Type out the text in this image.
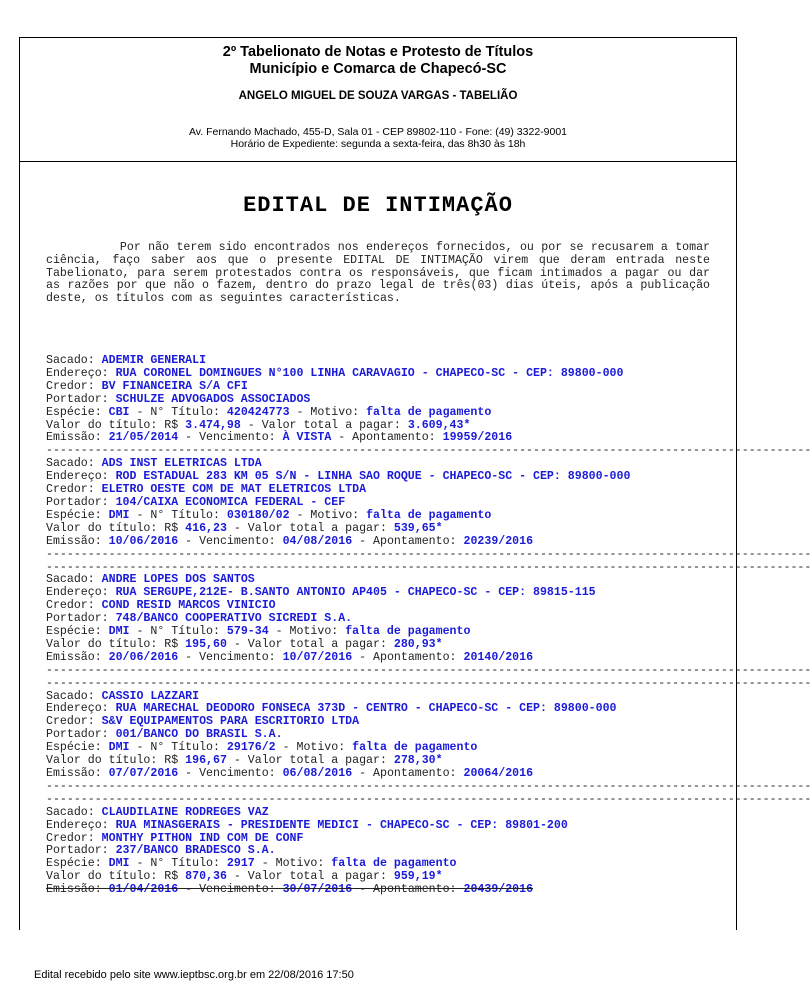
2º Tabelionato de Notas e Protesto de Títulos
Município e Comarca de Chapecó-SC
ANGELO MIGUEL DE SOUZA VARGAS - TABELIÃO
Av. Fernando Machado, 455-D, Sala 01 - CEP 89802-110 - Fone: (49) 3322-9001
Horário de Expediente: segunda a sexta-feira, das 8h30 às 18h
EDITAL DE INTIMAÇÃO

Por não terem sido encontrados nos endereços fornecidos, ou por se recusarem a tomar ciência, faço saber aos que o presente EDITAL DE INTIMAÇÃO virem que deram entrada neste Tabelionato, para serem protestados contra os responsáveis, que ficam intimados a pagar ou dar as razões por que não o fazem, dentro do prazo legal de três(03) dias úteis, após a publicação deste, os títulos com as seguintes características.

Sacado: ADEMIR GENERALI
Endereço: RUA CORONEL DOMINGUES N°100 LINHA CARAVAGIO - CHAPECO-SC - CEP: 89800-000
Credor: BV FINANCEIRA S/A CFI
Portador: SCHULZE ADVOGADOS ASSOCIADOS
Espécie: CBI - N° Título: 420424773 - Motivo: falta de pagamento
Valor do título: R$ 3.474,98 - Valor total a pagar: 3.609,43*
Emissão: 21/05/2014 - Vencimento: À VISTA - Apontamento: 19959/2016
--------------------------------------------------------------------------------------------------------------
Sacado: ADS INST ELETRICAS LTDA
Endereço: ROD ESTADUAL 283 KM 05 S/N - LINHA SAO ROQUE - CHAPECO-SC - CEP: 89800-000
Credor: ELETRO OESTE COM DE MAT ELETRICOS LTDA
Portador: 104/CAIXA ECONOMICA FEDERAL - CEF
Espécie: DMI - N° Título: 030180/02 - Motivo: falta de pagamento
Valor do título: R$ 416,23 - Valor total a pagar: 539,65*
Emissão: 10/06/2016 - Vencimento: 04/08/2016 - Apontamento: 20239/2016
--------------------------------------------------------------------------------------------------------------
--------------------------------------------------------------------------------------------------------------
Sacado: ANDRE LOPES DOS SANTOS
Endereço: RUA SERGUPE,212E- B.SANTO ANTONIO AP405 - CHAPECO-SC - CEP: 89815-115
Credor: COND RESID MARCOS VINICIO
Portador: 748/BANCO COOPERATIVO SICREDI S.A.
Espécie: DMI - N° Título: 579-34 - Motivo: falta de pagamento
Valor do título: R$ 195,60 - Valor total a pagar: 280,93*
Emissão: 20/06/2016 - Vencimento: 10/07/2016 - Apontamento: 20140/2016
--------------------------------------------------------------------------------------------------------------
--------------------------------------------------------------------------------------------------------------
Sacado: CASSIO LAZZARI
Endereço: RUA MARECHAL DEODORO FONSECA 373D - CENTRO - CHAPECO-SC - CEP: 89800-000
Credor: S&V EQUIPAMENTOS PARA ESCRITORIO LTDA
Portador: 001/BANCO DO BRASIL S.A.
Espécie: DMI - N° Título: 29176/2 - Motivo: falta de pagamento
Valor do título: R$ 196,67 - Valor total a pagar: 278,30*
Emissão: 07/07/2016 - Vencimento: 06/08/2016 - Apontamento: 20064/2016
--------------------------------------------------------------------------------------------------------------
--------------------------------------------------------------------------------------------------------------
Sacado: CLAUDILAINE RODREGES VAZ
Endereço: RUA MINASGERAIS - PRESIDENTE MEDICI - CHAPECO-SC - CEP: 89801-200
Credor: MONTHY PITHON IND COM DE CONF
Portador: 237/BANCO BRADESCO S.A.
Espécie: DMI - N° Título: 2917 - Motivo: falta de pagamento
Valor do título: R$ 870,36 - Valor total a pagar: 959,19*
Emissão: 01/04/2016 - Vencimento: 30/07/2016 - Apontamento: 20439/2016
Edital recebido pelo site www.ieptbsc.org.br em 22/08/2016 17:50
